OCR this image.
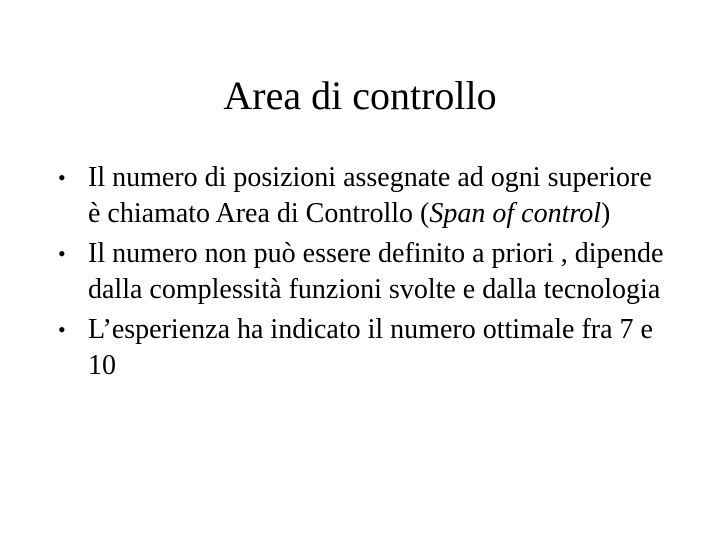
Area di controllo
• Il numero di posizioni assegnate ad ogni superiore è chiamato Area di Controllo (Span of control)
• Il numero non può essere definito a priori , dipende dalla complessità funzioni svolte e dalla tecnologia
• L’esperienza ha indicato il numero ottimale fra 7 e 10
